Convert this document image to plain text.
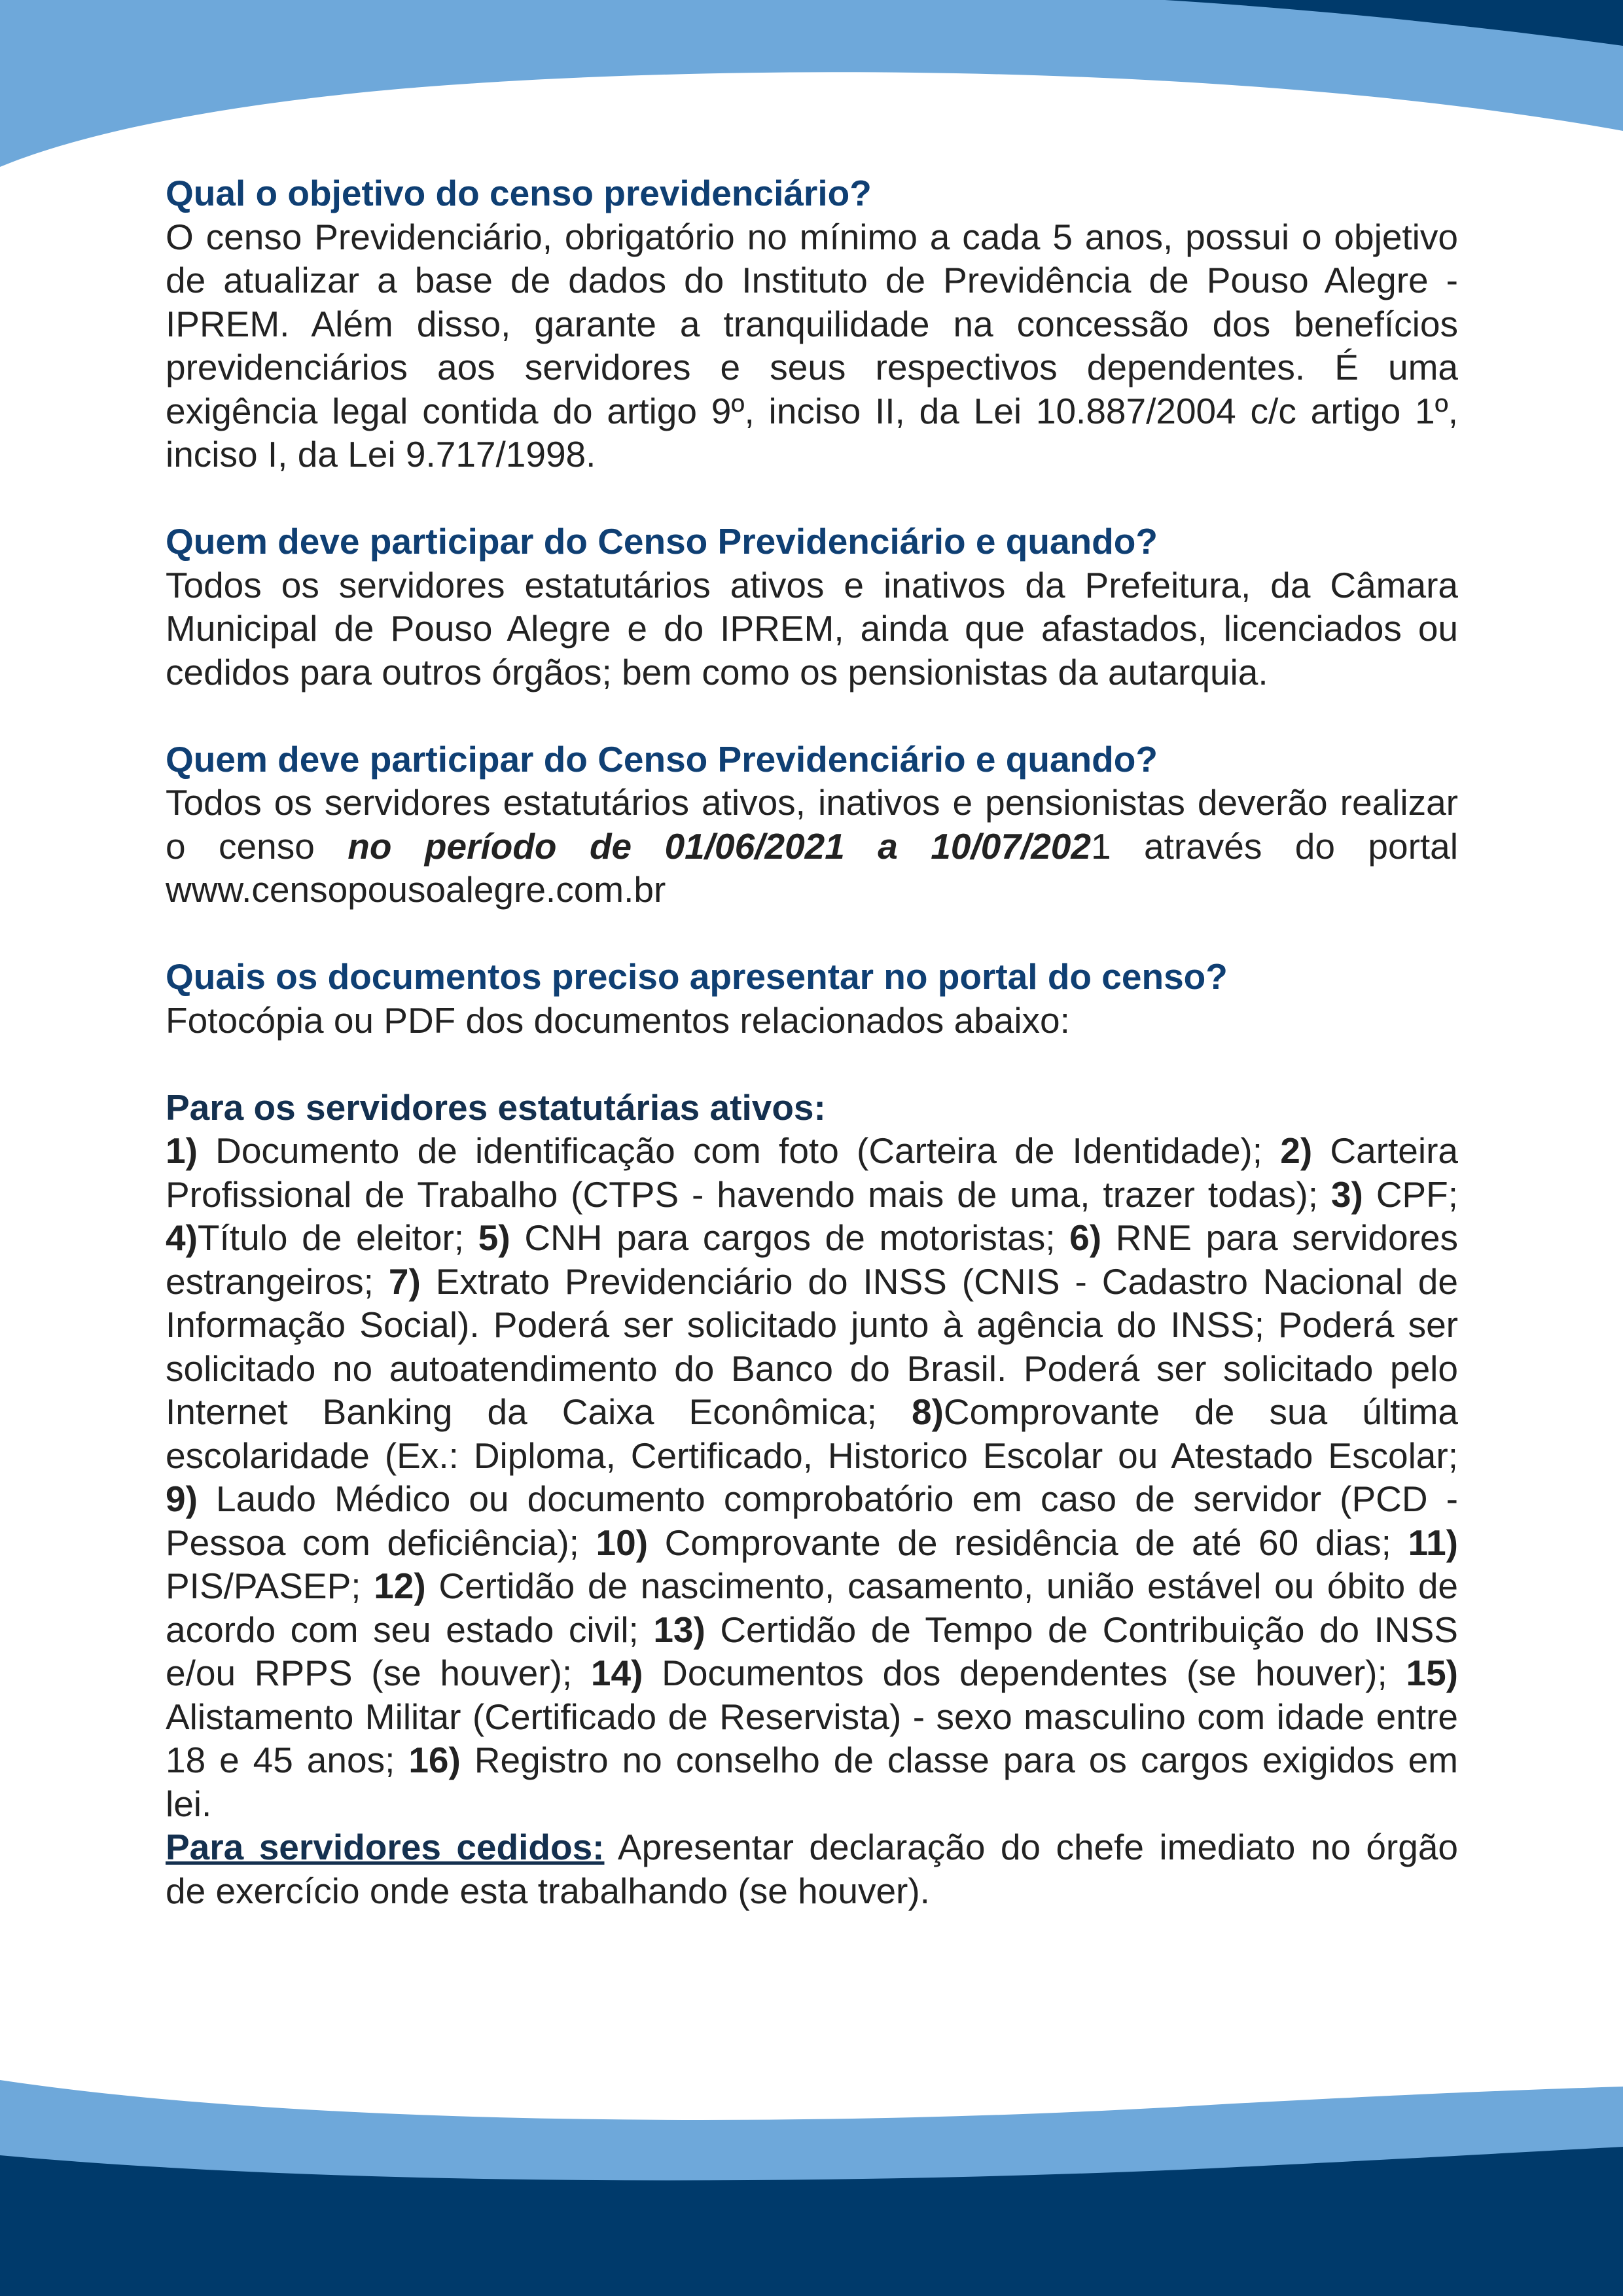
Qual o objetivo do censo previdenciário?

O censo Previdenciário, obrigatório no mínimo a cada 5 anos, possui o objetivo de atualizar a base de dados do Instituto de Previdência de Pouso Alegre - IPREM. Além disso, garante a tranquilidade na concessão dos benefícios previdenciários aos servidores e seus respectivos dependentes. É uma exigência legal contida do artigo 9º, inciso II, da Lei 10.887/2004 c/c artigo 1º, inciso I, da Lei 9.717/1998.

Quem deve participar do Censo Previdenciário e quando?

Todos os servidores estatutários ativos e inativos da Prefeitura, da Câmara Municipal de Pouso Alegre e do IPREM, ainda que afastados, licenciados ou cedidos para outros órgãos; bem como os pensionistas da autarquia.

Quem deve participar do Censo Previdenciário e quando?

Todos os servidores estatutários ativos, inativos e pensionistas deverão realizar o censo no período de 01/06/2021 a 10/07/2021 através do portal www.censopousoalegre.com.br

Quais os documentos preciso apresentar no portal do censo?

Fotocópia ou PDF dos documentos relacionados abaixo:

Para os servidores estatutárias ativos:

1) Documento de identificação com foto (Carteira de Identidade); 2) Carteira Profissional de Trabalho (CTPS - havendo mais de uma, trazer todas); 3) CPF; 4)Título de eleitor; 5) CNH para cargos de motoristas; 6) RNE para servidores estrangeiros; 7) Extrato Previdenciário do INSS (CNIS - Cadastro Nacional de Informação Social). Poderá ser solicitado junto à agência do INSS; Poderá ser solicitado no autoatendimento do Banco do Brasil. Poderá ser solicitado pelo Internet Banking da Caixa Econômica; 8)Comprovante de sua última escolaridade (Ex.: Diploma, Certificado, Historico Escolar ou Atestado Escolar; 9) Laudo Médico ou documento comprobatório em caso de servidor (PCD - Pessoa com deficiência); 10) Comprovante de residência de até 60 dias; 11) PIS/PASEP; 12) Certidão de nascimento, casamento, união estável ou óbito de acordo com seu estado civil; 13) Certidão de Tempo de Contribuição do INSS e/ou RPPS (se houver); 14) Documentos dos dependentes (se houver); 15) Alistamento Militar (Certificado de Reservista) - sexo masculino com idade entre 18 e 45 anos; 16) Registro no conselho de classe para os cargos exigidos em lei.

Para servidores cedidos: Apresentar declaração do chefe imediato no órgão de exercício onde esta trabalhando (se houver).
